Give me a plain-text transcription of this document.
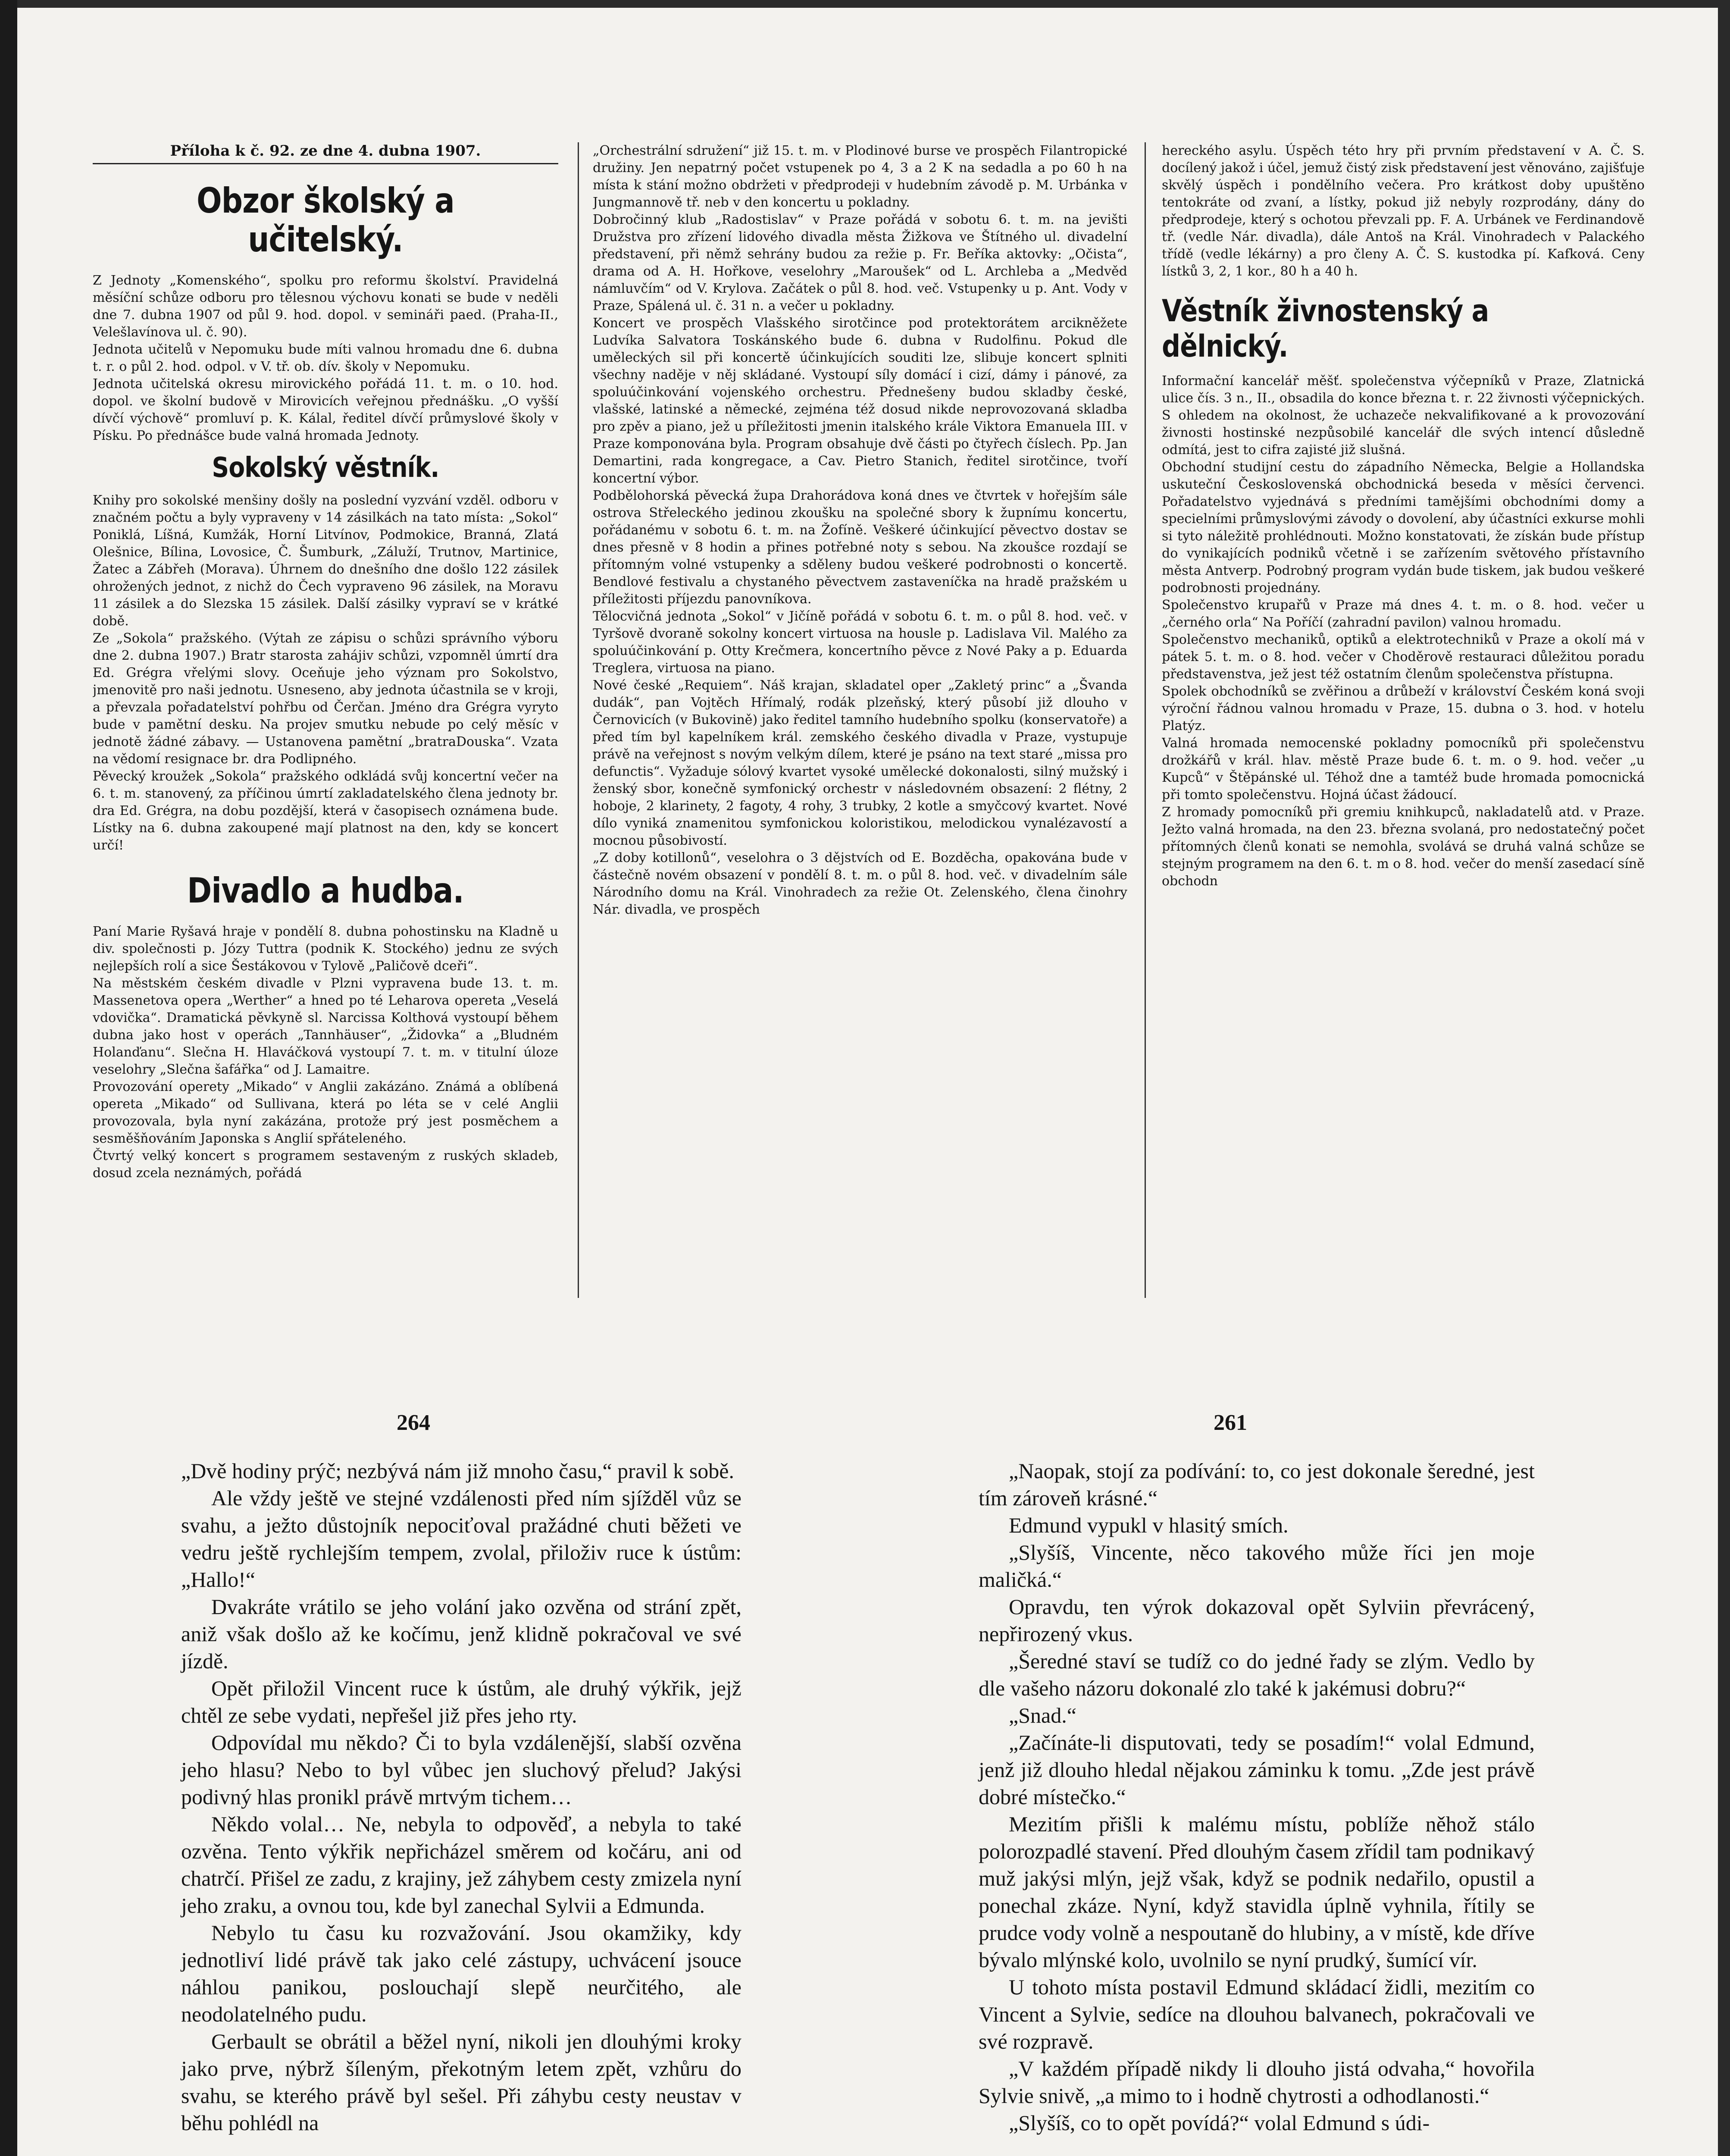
Příloha k č. 92. ze dne 4. dubna 1907.
Obzor školský a učitelský.

Z Jednoty „Komenského“, spolku pro reformu školství. Pravidelná měsíční schůze odboru pro tělesnou výchovu konati se bude v neděli dne 7. dubna 1907 od půl 9. hod. dopol. v semináři paed. (Praha-II., Velešlavínova ul. č. 90).

Jednota učitelů v Nepomuku bude míti valnou hromadu dne 6. dubna t. r. o půl 2. hod. odpol. v V. tř. ob. dív. školy v Nepomuku.

Jednota učitelská okresu mirovického pořádá 11. t. m. o 10. hod. dopol. ve školní budově v Mirovicích veřejnou přednášku. „O vyšší dívčí výchově“ promluví p. K. Kálal, ředitel dívčí průmyslové školy v Písku. Po přednášce bude valná hromada Jednoty.

Sokolský věstník.

Knihy pro sokolské menšiny došly na poslední vyzvání vzděl. odboru v značném počtu a byly vypraveny v 14 zásilkách na tato místa: „Sokol“ Poniklá, Líšná, Kumžák, Horní Litvínov, Podmokice, Branná, Zlatá Olešnice, Bílina, Lovosice, Č. Šumburk, „Záluží, Trutnov, Martinice, Žatec a Zábřeh (Morava). Úhrnem do dnešního dne došlo 122 zásilek ohrožených jednot, z nichž do Čech vypraveno 96 zásilek, na Moravu 11 zásilek a do Slezska 15 zásilek. Další zásilky vypraví se v krátké době.

Ze „Sokola“ pražského. (Výtah ze zápisu o schůzi správního výboru dne 2. dubna 1907.) Bratr starosta zahájiv schůzi, vzpomněl úmrtí dra Ed. Grégra vřelými slovy. Oceňuje jeho význam pro Sokolstvo, jmenovitě pro naši jednotu. Usneseno, aby jednota účastnila se v kroji, a převzala pořadatelství pohřbu od Čerčan. Jméno dra Grégra vyryto bude v pamětní desku. Na projev smutku nebude po celý měsíc v jednotě žádné zábavy. — Ustanovena pamětní „bratraDouska“. Vzata na vědomí resignace br. dra Podlipného.

Pěvecký kroužek „Sokola“ pražského odkládá svůj koncertní večer na 6. t. m. stanovený, za příčinou úmrtí zakladatelského člena jednoty br. dra Ed. Grégra, na dobu pozdější, která v časopisech oznámena bude. Lístky na 6. dubna zakoupené mají platnost na den, kdy se koncert určí!

Divadlo a hudba.

Paní Marie Ryšavá hraje v pondělí 8. dubna pohostinsku na Kladně u div. společnosti p. Józy Tuttra (podnik K. Stockého) jednu ze svých nejlepších rolí a sice Šestákovou v Tylově „Paličově dceři“.

Na městském českém divadle v Plzni vypravena bude 13. t. m. Massenetova opera „Werther“ a hned po té Leharova opereta „Veselá vdovička“. Dramatická pěvkyně sl. Narcissa Kolthová vystoupí během dubna jako host v operách „Tannhäuser“, „Židovka“ a „Bludném Holanďanu“. Slečna H. Hlaváčková vystoupí 7. t. m. v titulní úloze veselohry „Slečna šafářka“ od J. Lamaitre.

Provozování operety „Mikado“ v Anglii zakázáno. Známá a oblíbená opereta „Mikado“ od Sullivana, která po léta se v celé Anglii provozovala, byla nyní zakázána, protože prý jest posměchem a sesměšňováním Japonska s Anglií spřáteleného.

Čtvrtý velký koncert s programem sestaveným z ruských skladeb, dosud zcela neznámých, pořádá

„Orchestrální sdružení“ již 15. t. m. v Plodinové burse ve prospěch Filantropické družiny. Jen nepatrný počet vstupenek po 4, 3 a 2 K na sedadla a po 60 h na místa k stání možno obdržeti v předprodeji v hudebním závodě p. M. Urbánka v Jungmannově tř. neb v den koncertu u pokladny.

Dobročinný klub „Radostislav“ v Praze pořádá v sobotu 6. t. m. na jevišti Družstva pro zřízení lidového divadla města Žižkova ve Štítného ul. divadelní představení, při němž sehrány budou za režie p. Fr. Beříka aktovky: „Očista“, drama od A. H. Hořkove, veselohry „Maroušek“ od L. Archleba a „Medvěd námluvčím“ od V. Krylova. Začátek o půl 8. hod. več. Vstupenky u p. Ant. Vody v Praze, Spálená ul. č. 31 n. a večer u pokladny.

Koncert ve prospěch Vlašského sirotčince pod protektorátem arcikněžete Ludvíka Salvatora Toskánského bude 6. dubna v Rudolfinu. Pokud dle uměleckých sil při koncertě účinkujících souditi lze, slibuje koncert splniti všechny naděje v něj skládané. Vystoupí síly domácí i cizí, dámy i pánové, za spoluúčinkování vojenského orchestru. Přednešeny budou skladby české, vlašské, latinské a německé, zejména též dosud nikde neprovozovaná skladba pro zpěv a piano, jež u příležitosti jmenin italského krále Viktora Emanuela III. v Praze komponována byla. Program obsahuje dvě části po čtyřech číslech. Pp. Jan Demartini, rada kongregace, a Cav. Pietro Stanich, ředitel sirotčince, tvoří koncertní výbor.

Podbělohorská pěvecká župa Drahorádova koná dnes ve čtvrtek v hořejším sále ostrova Střeleckého jedinou zkoušku na společné sbory k župnímu koncertu, pořádanému v sobotu 6. t. m. na Žofíně. Veškeré účinkující pěvectvo dostav se dnes přesně v 8 hodin a přines potřebné noty s sebou. Na zkoušce rozdají se přítomným volné vstupenky a sděleny budou veškeré podrobnosti o koncertě. Bendlové festivalu a chystaného pěvectvem zastaveníčka na hradě pražském u příležitosti příjezdu panovníkova.

Tělocvičná jednota „Sokol“ v Jičíně pořádá v sobotu 6. t. m. o půl 8. hod. več. v Tyršově dvoraně sokolny koncert virtuosa na housle p. Ladislava Vil. Malého za spoluúčinkování p. Otty Krečmera, koncertního pěvce z Nové Paky a p. Eduarda Treglera, virtuosa na piano.

Nové české „Requiem“. Náš krajan, skladatel oper „Zakletý princ“ a „Švanda dudák“, pan Vojtěch Hřímalý, rodák plzeňský, který působí již dlouho v Černovicích (v Bukovině) jako ředitel tamního hudebního spolku (konservatoře) a před tím byl kapelníkem král. zemského českého divadla v Praze, vystupuje právě na veřejnost s novým velkým dílem, které je psáno na text staré „missa pro defunctis“. Vyžaduje sólový kvartet vysoké umělecké dokonalosti, silný mužský i ženský sbor, konečně symfonický orchestr v následovném obsazení: 2 flétny, 2 hoboje, 2 klarinety, 2 fagoty, 4 rohy, 3 trubky, 2 kotle a smyčcový kvartet. Nové dílo vyniká znamenitou symfonickou koloristikou, melodickou vynalézavostí a mocnou působivostí.

„Z doby kotillonů“, veselohra o 3 dějstvích od E. Bozděcha, opakována bude v částečně novém obsazení v pondělí 8. t. m. o půl 8. hod. več. v divadelním sále Národního domu na Král. Vinohradech za režie Ot. Zelenského, člena činohry Nár. divadla, ve prospěch

hereckého asylu. Úspěch této hry při prvním představení v A. Č. S. docílený jakož i účel, jemuž čistý zisk představení jest věnováno, zajišťuje skvělý úspěch i pondělního večera. Pro krátkost doby upuštěno tentokráte od zvaní, a lístky, pokud již nebyly rozprodány, dány do předprodeje, který s ochotou převzali pp. F. A. Urbánek ve Ferdinandově tř. (vedle Nár. divadla), dále Antoš na Král. Vinohradech v Palackého třídě (vedle lékárny) a pro členy A. Č. S. kustodka pí. Kafková. Ceny lístků 3, 2, 1 kor., 80 h a 40 h.

Věstník živnostenský a dělnický.

Informační kancelář měšť. společenstva výčepníků v Praze, Zlatnická ulice čís. 3 n., II., obsadila do konce března t. r. 22 živnosti výčepnických. S ohledem na okolnost, že uchazeče nekvalifikované a k provozování živnosti hostinské nezpůsobilé kancelář dle svých intencí důsledně odmítá, jest to cifra zajisté již slušná.

Obchodní studijní cestu do západního Německa, Belgie a Hollandska uskuteční Československá obchodnická beseda v měsíci červenci. Pořadatelstvo vyjednává s předními tamějšími obchodními domy a specielními průmyslovými závody o dovolení, aby účastníci exkurse mohli si tyto náležitě prohlédnouti. Možno konstatovati, že získán bude přístup do vynikajících podniků včetně i se zařízením světového přístavního města Antverp. Podrobný program vydán bude tiskem, jak budou veškeré podrobnosti projednány.

Společenstvo krupařů v Praze má dnes 4. t. m. o 8. hod. večer u „černého orla“ Na Poříčí (zahradní pavilon) valnou hromadu.

Společenstvo mechaniků, optiků a elektrotechniků v Praze a okolí má v pátek 5. t. m. o 8. hod. večer v Choděrově restauraci důležitou poradu představenstva, jež jest též ostatním členům společenstva přístupna.

Spolek obchodníků se zvěřinou a drůbeží v království Českém koná svoji výroční řádnou valnou hromadu v Praze, 15. dubna o 3. hod. v hotelu Platýz.

Valná hromada nemocenské pokladny pomocníků při společenstvu drožkářů v král. hlav. městě Praze bude 6. t. m. o 9. hod. večer „u Kupců“ v Štěpánské ul. Téhož dne a tamtéž bude hromada pomocnická při tomto společenstvu. Hojná účast žádoucí.

Z hromady pomocníků při gremiu knihkupců, nakladatelů atd. v Praze. Ježto valná hromada, na den 23. března svolaná, pro nedostatečný počet přítomných členů konati se nemohla, svolává se druhá valná schůze se stejným programem na den 6. t. m o 8. hod. večer do menší zasedací síně obchodn

264	261

„Dvě hodiny prýč; nezbývá nám již mnoho času,“ pravil k sobě.

Ale vždy ještě ve stejné vzdálenosti před ním sjížděl vůz se svahu, a ježto důstojník nepociťoval pražádné chuti běžeti ve vedru ještě rychlejším tempem, zvolal, přiloživ ruce k ústům: „Hallo!“

Dvakráte vrátilo se jeho volání jako ozvěna od strání zpět, aniž však došlo až ke kočímu, jenž klidně pokračoval ve své jízdě.

Opět přiložil Vincent ruce k ústům, ale druhý výkřik, jejž chtěl ze sebe vydati, nepřešel již přes jeho rty.

Odpovídal mu někdo? Či to byla vzdálenější, slabší ozvěna jeho hlasu? Nebo to byl vůbec jen sluchový přelud? Jakýsi podivný hlas pronikl právě mrtvým tichem…

Někdo volal… Ne, nebyla to odpověď, a nebyla to také ozvěna. Tento výkřik nepřicházel směrem od kočáru, ani od chatrčí. Přišel ze zadu, z krajiny, jež záhybem cesty zmizela nyní jeho zraku, a ovnou tou, kde byl zanechal Sylvii a Edmunda.

Nebylo tu času ku rozvažování. Jsou okamžiky, kdy jednotliví lidé právě tak jako celé zástupy, uchvácení jsouce náhlou panikou, poslouchají slepě neurčitého, ale neodolatelného pudu.

Gerbault se obrátil a běžel nyní, nikoli jen dlouhými kroky jako prve, nýbrž šíleným, překotným letem zpět, vzhůru do svahu, se kterého právě byl sešel. Při záhybu cesty neustav v běhu pohlédl na

„Naopak, stojí za podívání: to, co jest dokonale šeredné, jest tím zároveň krásné.“

Edmund vypukl v hlasitý smích.

„Slyšíš, Vincente, něco takového může říci jen moje maličká.“

Opravdu, ten výrok dokazoval opět Sylviin převrácený, nepřirozený vkus.

„Šeredné staví se tudíž co do jedné řady se zlým. Vedlo by dle vašeho názoru dokonalé zlo také k jakémusi dobru?“

„Snad.“

„Začínáte-li disputovati, tedy se posadím!“ volal Edmund, jenž již dlouho hledal nějakou záminku k tomu. „Zde jest právě dobré místečko.“

Mezitím přišli k malému místu, poblíže něhož stálo polorozpadlé stavení. Před dlouhým časem zřídil tam podnikavý muž jakýsi mlýn, jejž však, když se podnik nedařilo, opustil a ponechal zkáze. Nyní, když stavidla úplně vyhnila, řítily se prudce vody volně a nespoutaně do hlubiny, a v místě, kde dříve bývalo mlýnské kolo, uvolnilo se nyní prudký, šumící vír.

U tohoto místa postavil Edmund skládací židli, mezitím co Vincent a Sylvie, sedíce na dlouhou balvanech, pokračovali ve své rozpravě.

„V každém případě nikdy li dlouho jistá odvaha,“ hovořila Sylvie snivě, „a mimo to i hodně chytrosti a odhodlanosti.“

„Slyšíš, co to opět povídá?“ volal Edmund s údi-
